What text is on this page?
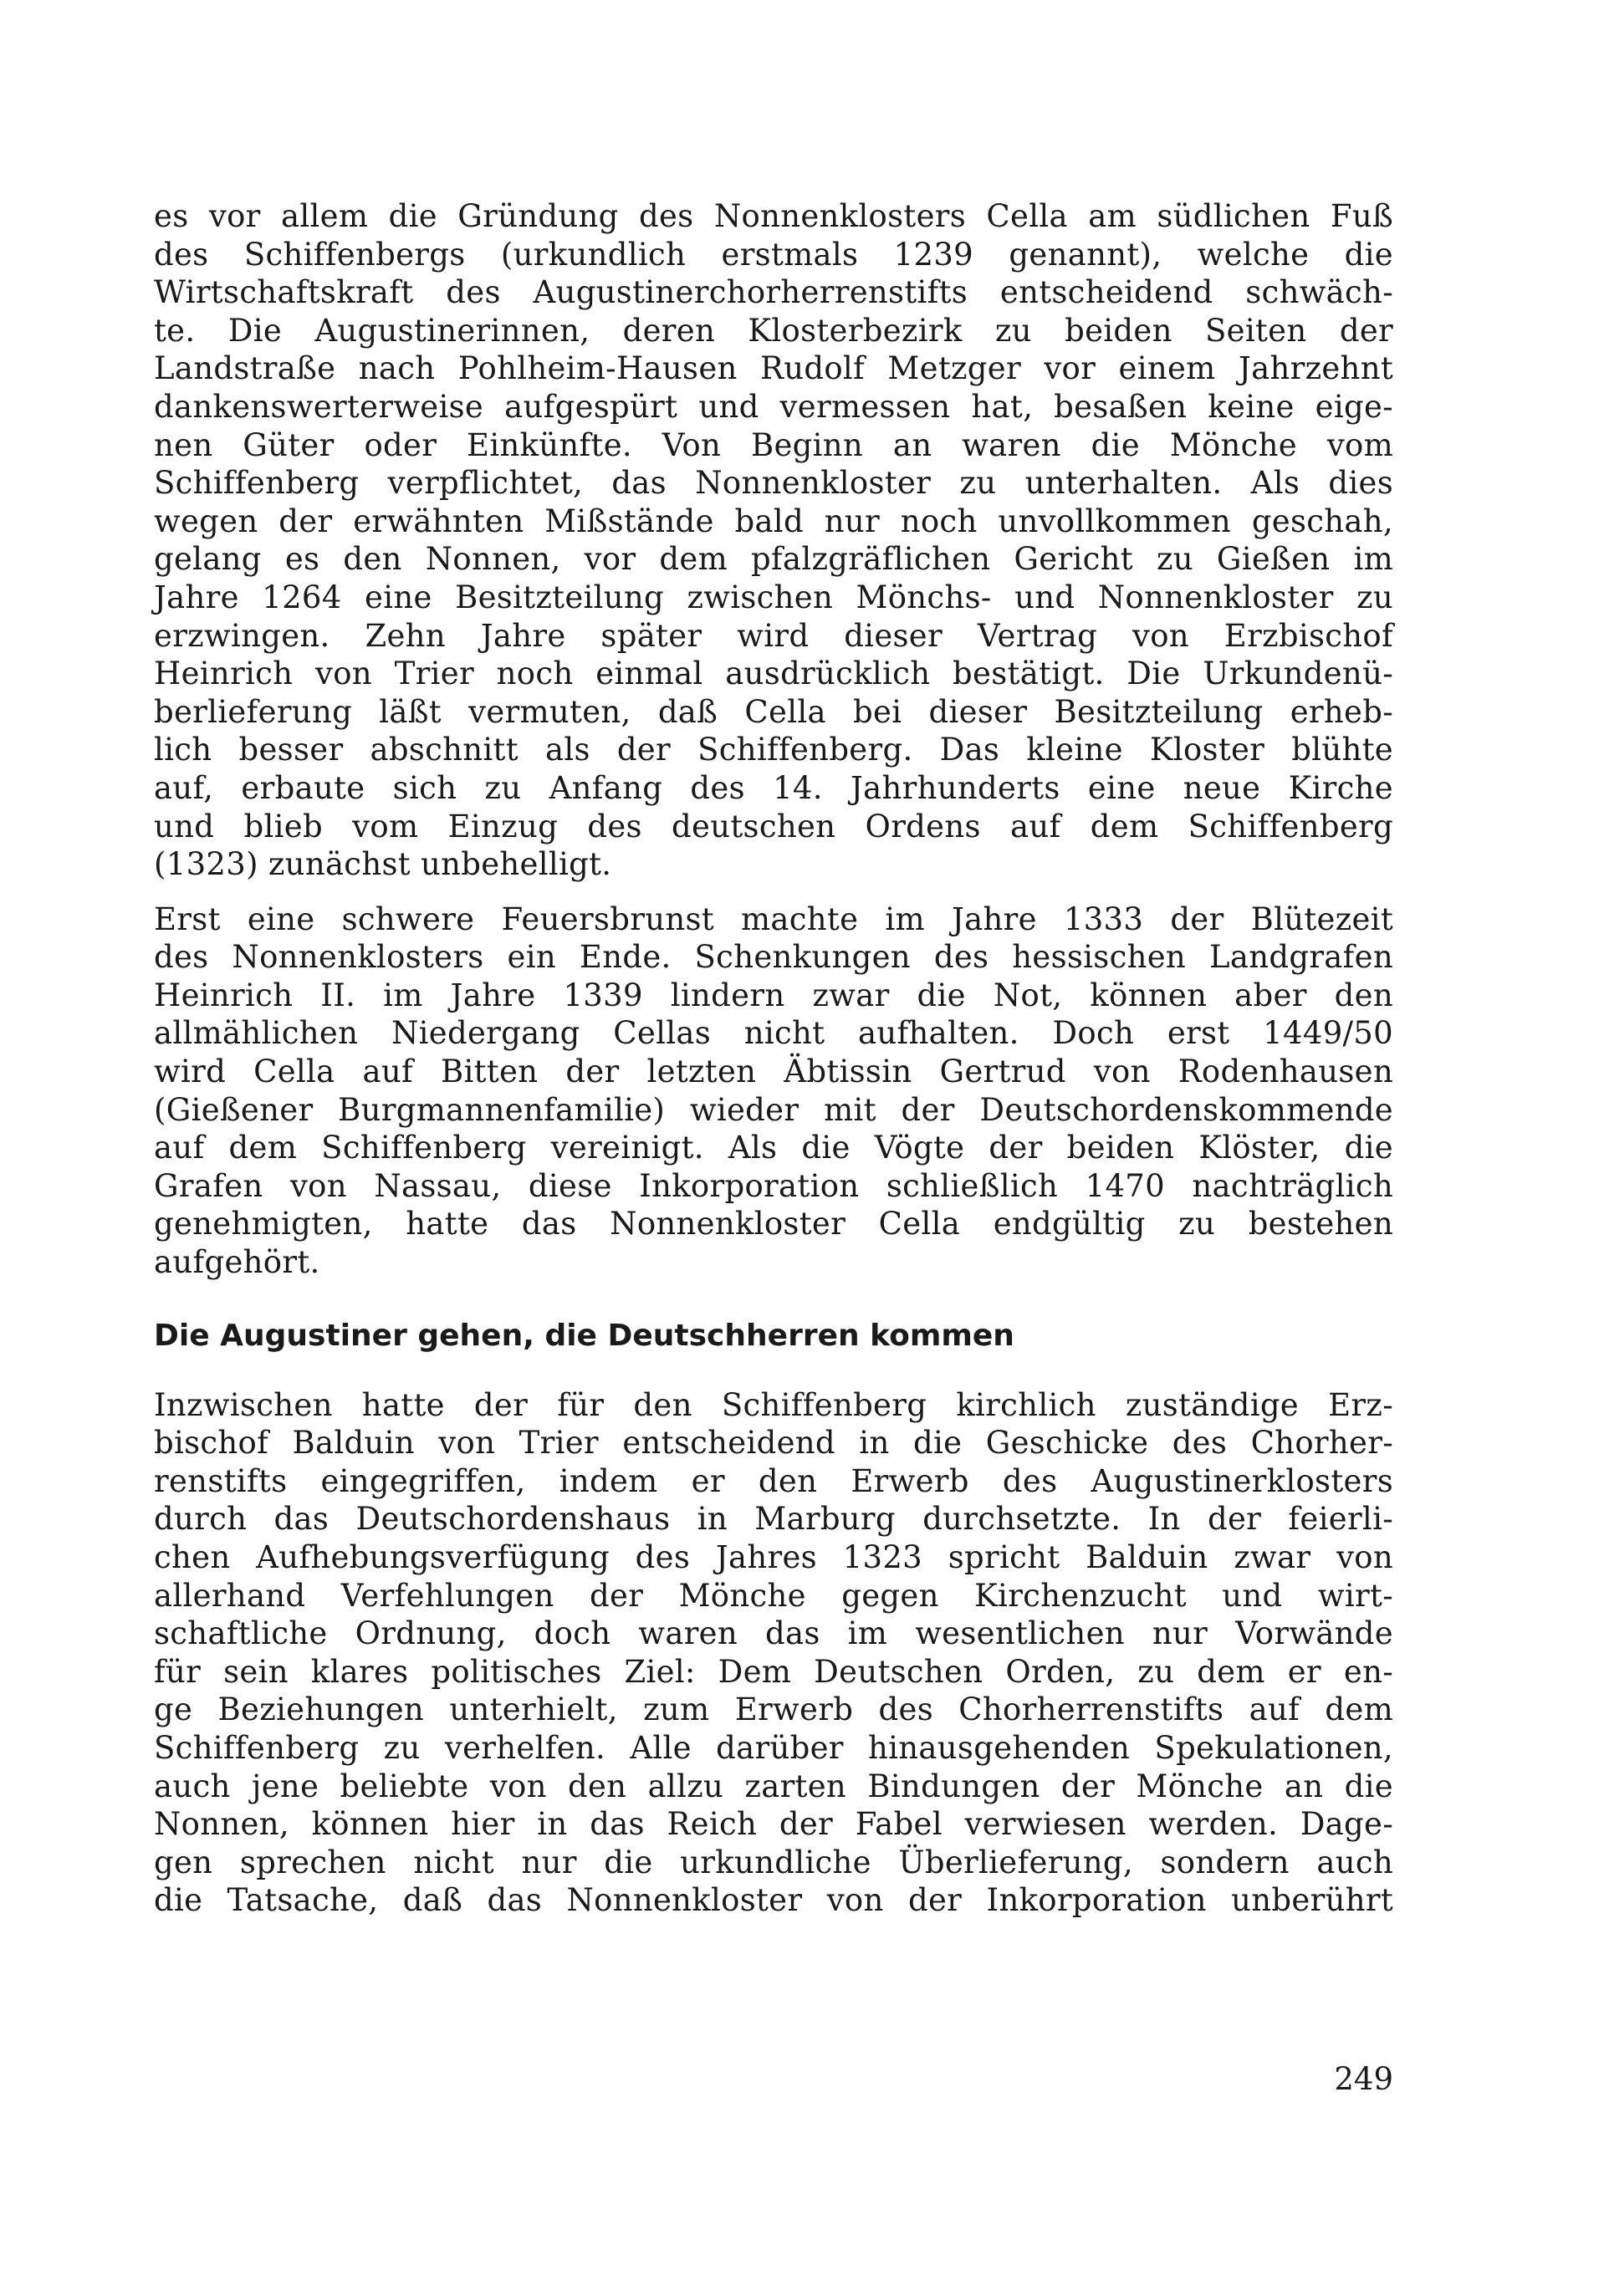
es vor allem die Gründung des Nonnenklosters Cella am südlichen Fuß
des Schiffenbergs (urkundlich erstmals 1239 genannt), welche die
Wirtschaftskraft des Augustinerchorherrenstifts entscheidend schwäch-
te. Die Augustinerinnen, deren Klosterbezirk zu beiden Seiten der
Landstraße nach Pohlheim-Hausen Rudolf Metzger vor einem Jahrzehnt
dankenswerterweise aufgespürt und vermessen hat, besaßen keine eige-
nen Güter oder Einkünfte. Von Beginn an waren die Mönche vom
Schiffenberg verpflichtet, das Nonnenkloster zu unterhalten. Als dies
wegen der erwähnten Mißstände bald nur noch unvollkommen geschah,
gelang es den Nonnen, vor dem pfalzgräflichen Gericht zu Gießen im
Jahre 1264 eine Besitzteilung zwischen Mönchs- und Nonnenkloster zu
erzwingen. Zehn Jahre später wird dieser Vertrag von Erzbischof
Heinrich von Trier noch einmal ausdrücklich bestätigt. Die Urkundenü-
berlieferung läßt vermuten, daß Cella bei dieser Besitzteilung erheb-
lich besser abschnitt als der Schiffenberg. Das kleine Kloster blühte
auf, erbaute sich zu Anfang des 14. Jahrhunderts eine neue Kirche
und blieb vom Einzug des deutschen Ordens auf dem Schiffenberg
(1323) zunächst unbehelligt.
Erst eine schwere Feuersbrunst machte im Jahre 1333 der Blütezeit
des Nonnenklosters ein Ende. Schenkungen des hessischen Landgrafen
Heinrich II. im Jahre 1339 lindern zwar die Not, können aber den
allmählichen Niedergang Cellas nicht aufhalten. Doch erst 1449/50
wird Cella auf Bitten der letzten Äbtissin Gertrud von Rodenhausen
(Gießener Burgmannenfamilie) wieder mit der Deutschordenskommende
auf dem Schiffenberg vereinigt. Als die Vögte der beiden Klöster, die
Grafen von Nassau, diese Inkorporation schließlich 1470 nachträglich
genehmigten, hatte das Nonnenkloster Cella endgültig zu bestehen
aufgehört.
Die Augustiner gehen, die Deutschherren kommen
Inzwischen hatte der für den Schiffenberg kirchlich zuständige Erz-
bischof Balduin von Trier entscheidend in die Geschicke des Chorher-
renstifts eingegriffen, indem er den Erwerb des Augustinerklosters
durch das Deutschordenshaus in Marburg durchsetzte. In der feierli-
chen Aufhebungsverfügung des Jahres 1323 spricht Balduin zwar von
allerhand Verfehlungen der Mönche gegen Kirchenzucht und wirt-
schaftliche Ordnung, doch waren das im wesentlichen nur Vorwände
für sein klares politisches Ziel: Dem Deutschen Orden, zu dem er en-
ge Beziehungen unterhielt, zum Erwerb des Chorherrenstifts auf dem
Schiffenberg zu verhelfen. Alle darüber hinausgehenden Spekulationen,
auch jene beliebte von den allzu zarten Bindungen der Mönche an die
Nonnen, können hier in das Reich der Fabel verwiesen werden. Dage-
gen sprechen nicht nur die urkundliche Überlieferung, sondern auch
die Tatsache, daß das Nonnenkloster von der Inkorporation unberührt
249
